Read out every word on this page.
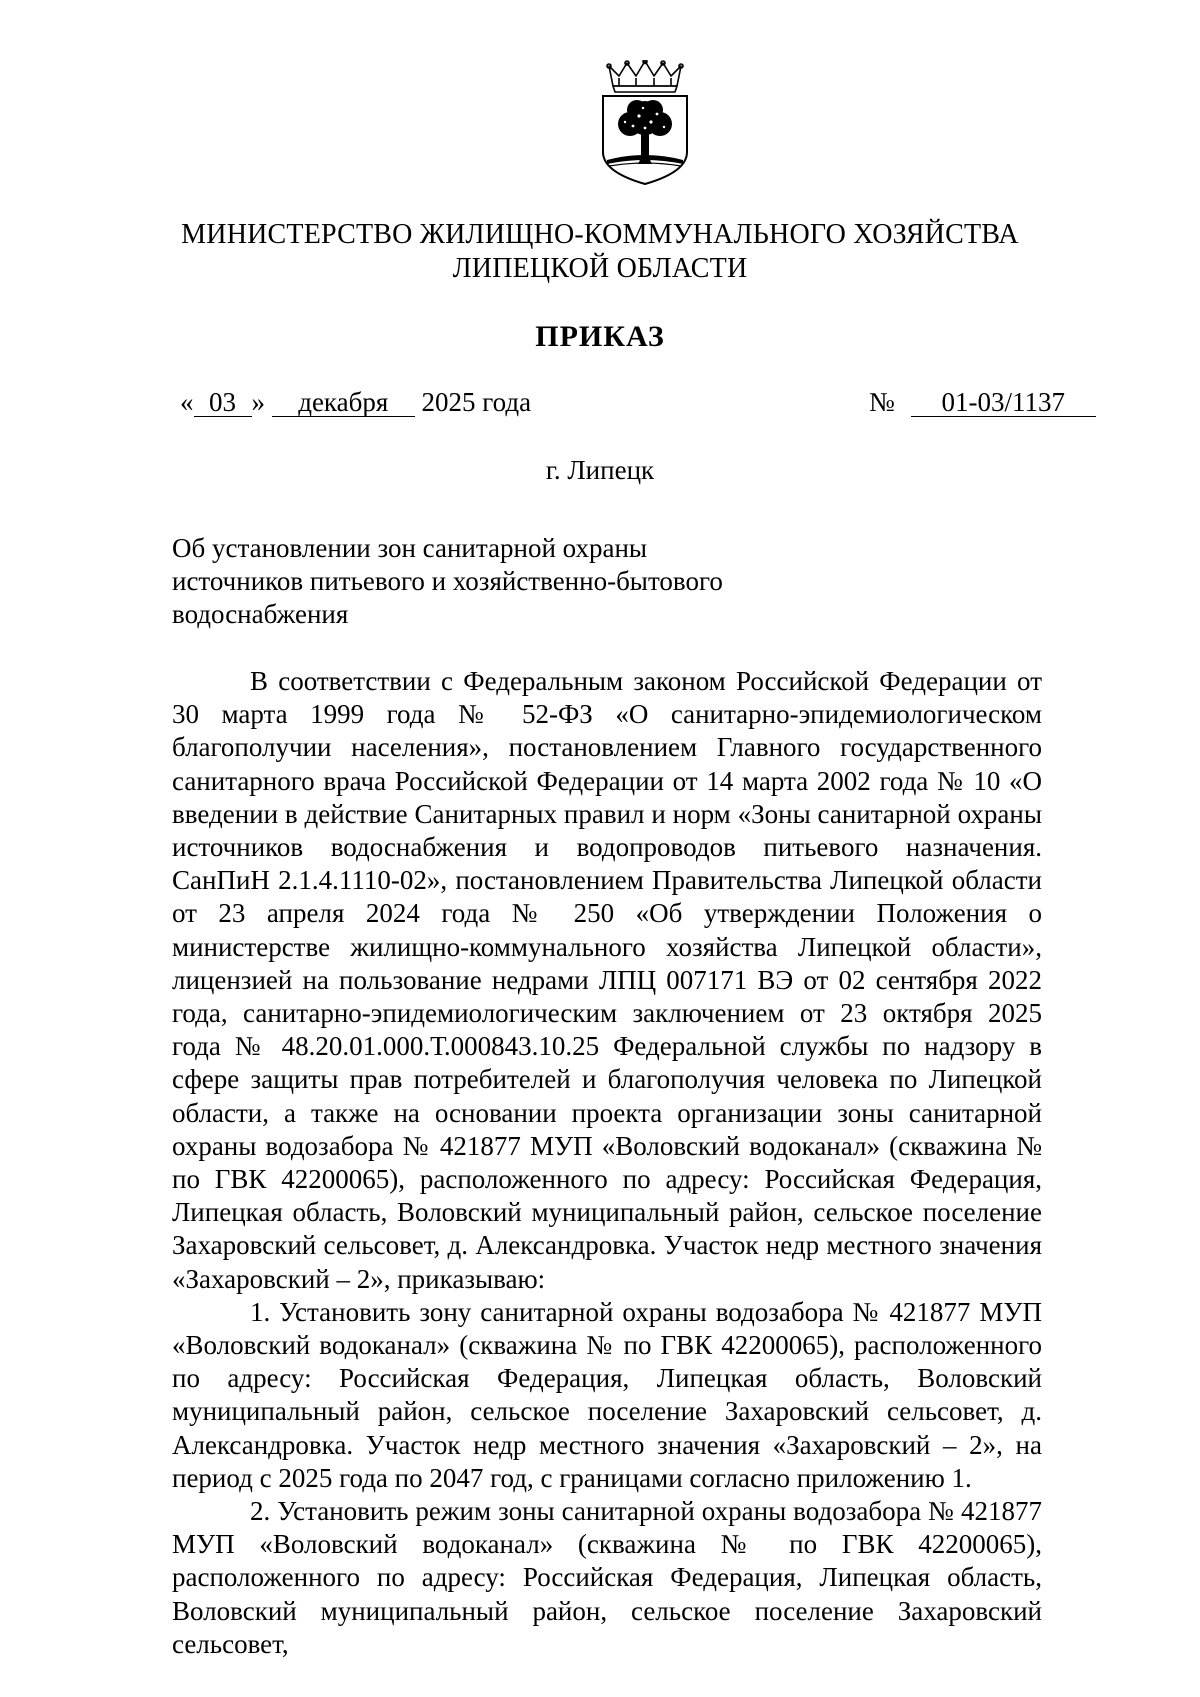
МИНИСТЕРСТВО ЖИЛИЩНО-КОММУНАЛЬНОГО ХОЗЯЙСТВА
ЛИПЕЦКОЙ ОБЛАСТИ
ПРИКАЗ
« 03 » декабря 2025 года	№ 01-03/1137
г. Липецк
Об установлении зон санитарной охраны
источников питьевого и хозяйственно-бытового
водоснабжения

В соответствии с Федеральным законом Российской Федерации от 30 марта 1999 года № 52-ФЗ «О санитарно-эпидемиологическом благополучии населения», постановлением Главного государственного санитарного врача Российской Федерации от 14 марта 2002 года № 10 «О введении в действие Санитарных правил и норм «Зоны санитарной охраны источников водоснабжения и водопроводов питьевого назначения. СанПиН 2.1.4.1110-02», постановлением Правительства Липецкой области от 23 апреля 2024 года № 250 «Об утверждении Положения о министерстве жилищно-коммунального хозяйства Липецкой области», лицензией на пользование недрами ЛПЦ 007171 ВЭ от 02 сентября 2022 года, санитарно-эпидемиологическим заключением от 23 октября 2025 года № 48.20.01.000.Т.000843.10.25 Федеральной службы по надзору в сфере защиты прав потребителей и благополучия человека по Липецкой области, а также на основании проекта организации зоны санитарной охраны водозабора № 421877 МУП «Воловский водоканал» (скважина № по ГВК 42200065), расположенного по адресу: Российская Федерация, Липецкая область, Воловский муниципальный район, сельское поселение Захаровский сельсовет, д. Александровка. Участок недр местного значения «Захаровский – 2», приказываю:

1. Установить зону санитарной охраны водозабора № 421877 МУП «Воловский водоканал» (скважина № по ГВК 42200065), расположенного по адресу: Российская Федерация, Липецкая область, Воловский муниципальный район, сельское поселение Захаровский сельсовет, д. Александровка. Участок недр местного значения «Захаровский – 2», на период с 2025 года по 2047 год, с границами согласно приложению 1.

2. Установить режим зоны санитарной охраны водозабора № 421877 МУП «Воловский водоканал» (скважина № по ГВК 42200065), расположенного по адресу: Российская Федерация, Липецкая область, Воловский муниципальный район, сельское поселение Захаровский сельсовет,
